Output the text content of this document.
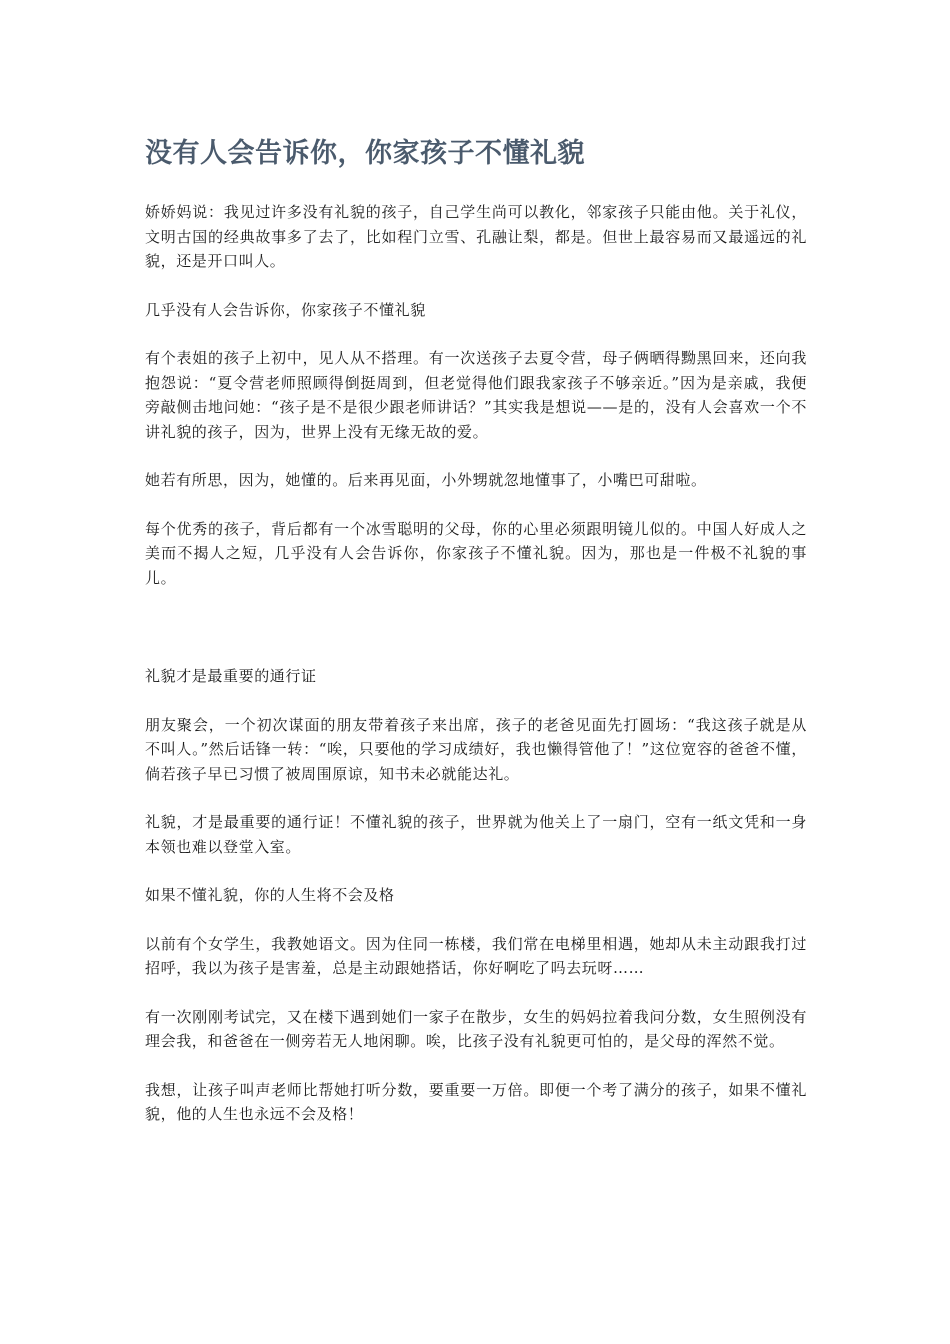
没有人会告诉你，你家孩子不懂礼貌

娇娇妈说：我见过许多没有礼貌的孩子，自己学生尚可以教化，邻家孩子只能由他。关于礼仪，文明古国的经典故事多了去了，比如程门立雪、孔融让梨，都是。但世上最容易而又最遥远的礼貌，还是开口叫人。

几乎没有人会告诉你，你家孩子不懂礼貌

有个表姐的孩子上初中，见人从不搭理。有一次送孩子去夏令营，母子俩晒得黝黑回来，还向我抱怨说：“夏令营老师照顾得倒挺周到，但老觉得他们跟我家孩子不够亲近。”因为是亲戚，我便旁敲侧击地问她：“孩子是不是很少跟老师讲话？”其实我是想说——是的，没有人会喜欢一个不讲礼貌的孩子，因为，世界上没有无缘无故的爱。

她若有所思，因为，她懂的。后来再见面，小外甥就忽地懂事了，小嘴巴可甜啦。

每个优秀的孩子，背后都有一个冰雪聪明的父母，你的心里必须跟明镜儿似的。中国人好成人之美而不揭人之短，几乎没有人会告诉你，你家孩子不懂礼貌。因为，那也是一件极不礼貌的事儿。

礼貌才是最重要的通行证

朋友聚会，一个初次谋面的朋友带着孩子来出席，孩子的老爸见面先打圆场：“我这孩子就是从不叫人。”然后话锋一转：“唉，只要他的学习成绩好，我也懒得管他了！”这位宽容的爸爸不懂，倘若孩子早已习惯了被周围原谅，知书未必就能达礼。

礼貌，才是最重要的通行证！不懂礼貌的孩子，世界就为他关上了一扇门，空有一纸文凭和一身本领也难以登堂入室。

如果不懂礼貌，你的人生将不会及格

以前有个女学生，我教她语文。因为住同一栋楼，我们常在电梯里相遇，她却从未主动跟我打过招呼，我以为孩子是害羞，总是主动跟她搭话，你好啊吃了吗去玩呀……

有一次刚刚考试完，又在楼下遇到她们一家子在散步，女生的妈妈拉着我问分数，女生照例没有理会我，和爸爸在一侧旁若无人地闲聊。唉，比孩子没有礼貌更可怕的，是父母的浑然不觉。

我想，让孩子叫声老师比帮她打听分数，要重要一万倍。即便一个考了满分的孩子，如果不懂礼貌，他的人生也永远不会及格！
